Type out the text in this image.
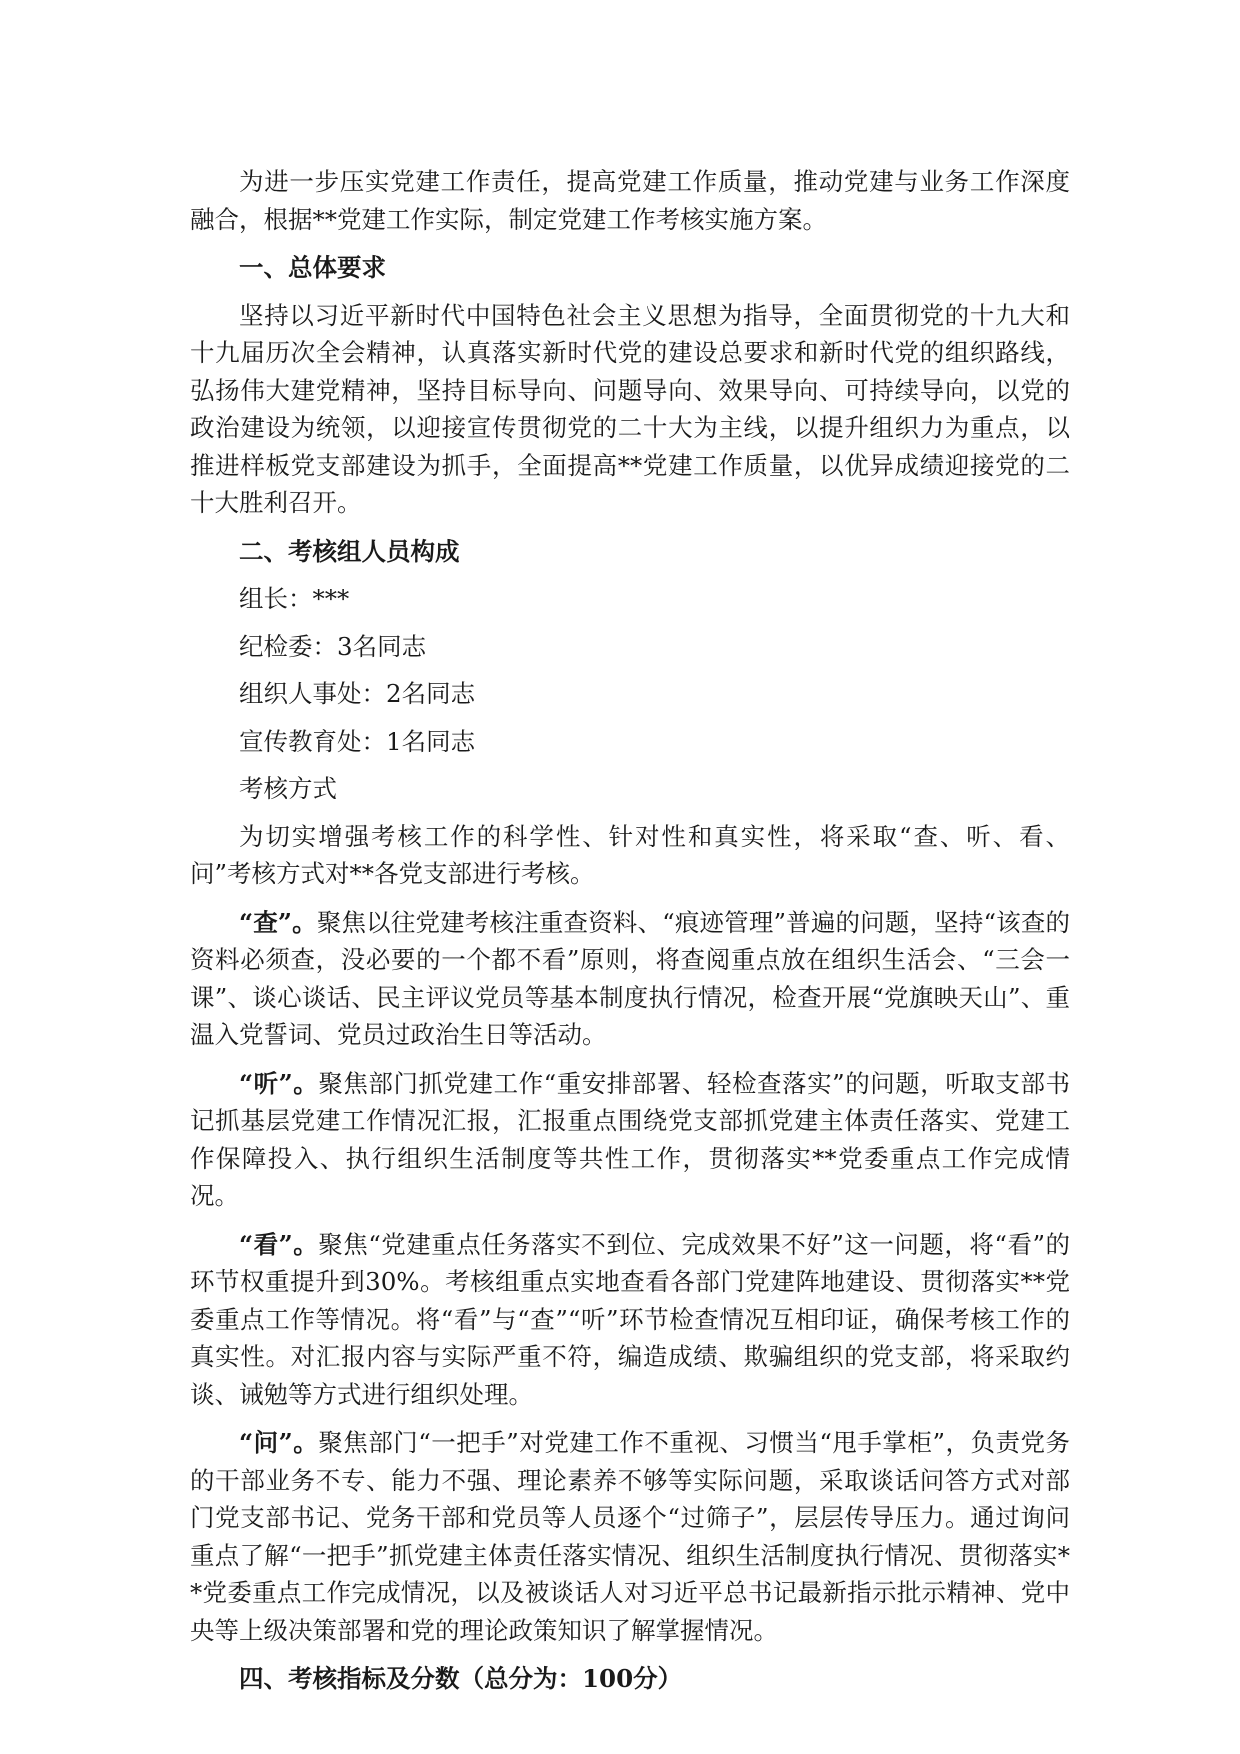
为进一步压实党建工作责任，提高党建工作质量，推动党建与业务工作深度融合，根据**党建工作实际，制定党建工作考核实施方案。

一、总体要求

坚持以习近平新时代中国特色社会主义思想为指导，全面贯彻党的十九大和十九届历次全会精神，认真落实新时代党的建设总要求和新时代党的组织路线，弘扬伟大建党精神，坚持目标导向、问题导向、效果导向、可持续导向，以党的政治建设为统领，以迎接宣传贯彻党的二十大为主线，以提升组织力为重点，以推进样板党支部建设为抓手，全面提高**党建工作质量，以优异成绩迎接党的二十大胜利召开。

二、考核组人员构成

组长：***

纪检委：3名同志

组织人事处：2名同志

宣传教育处：1名同志

考核方式

为切实增强考核工作的科学性、针对性和真实性，将采取“查、听、看、问”考核方式对**各党支部进行考核。

“查”。聚焦以往党建考核注重查资料、“痕迹管理”普遍的问题，坚持“该查的资料必须查，没必要的一个都不看”原则，将查阅重点放在组织生活会、“三会一课”、谈心谈话、民主评议党员等基本制度执行情况，检查开展“党旗映天山”、重温入党誓词、党员过政治生日等活动。

“听”。聚焦部门抓党建工作“重安排部署、轻检查落实”的问题，听取支部书记抓基层党建工作情况汇报，汇报重点围绕党支部抓党建主体责任落实、党建工作保障投入、执行组织生活制度等共性工作，贯彻落实**党委重点工作完成情况。

“看”。聚焦“党建重点任务落实不到位、完成效果不好”这一问题，将“看”的环节权重提升到30%。考核组重点实地查看各部门党建阵地建设、贯彻落实**党委重点工作等情况。将“看”与“查”“听”环节检查情况互相印证，确保考核工作的真实性。对汇报内容与实际严重不符，编造成绩、欺骗组织的党支部，将采取约谈、诫勉等方式进行组织处理。

“问”。聚焦部门“一把手”对党建工作不重视、习惯当“甩手掌柜”，负责党务的干部业务不专、能力不强、理论素养不够等实际问题，采取谈话问答方式对部门党支部书记、党务干部和党员等人员逐个“过筛子”，层层传导压力。通过询问重点了解“一把手”抓党建主体责任落实情况、组织生活制度执行情况、贯彻落实**党委重点工作完成情况，以及被谈话人对习近平总书记最新指示批示精神、党中央等上级决策部署和党的理论政策知识了解掌握情况。

四、考核指标及分数（总分为：100分）
